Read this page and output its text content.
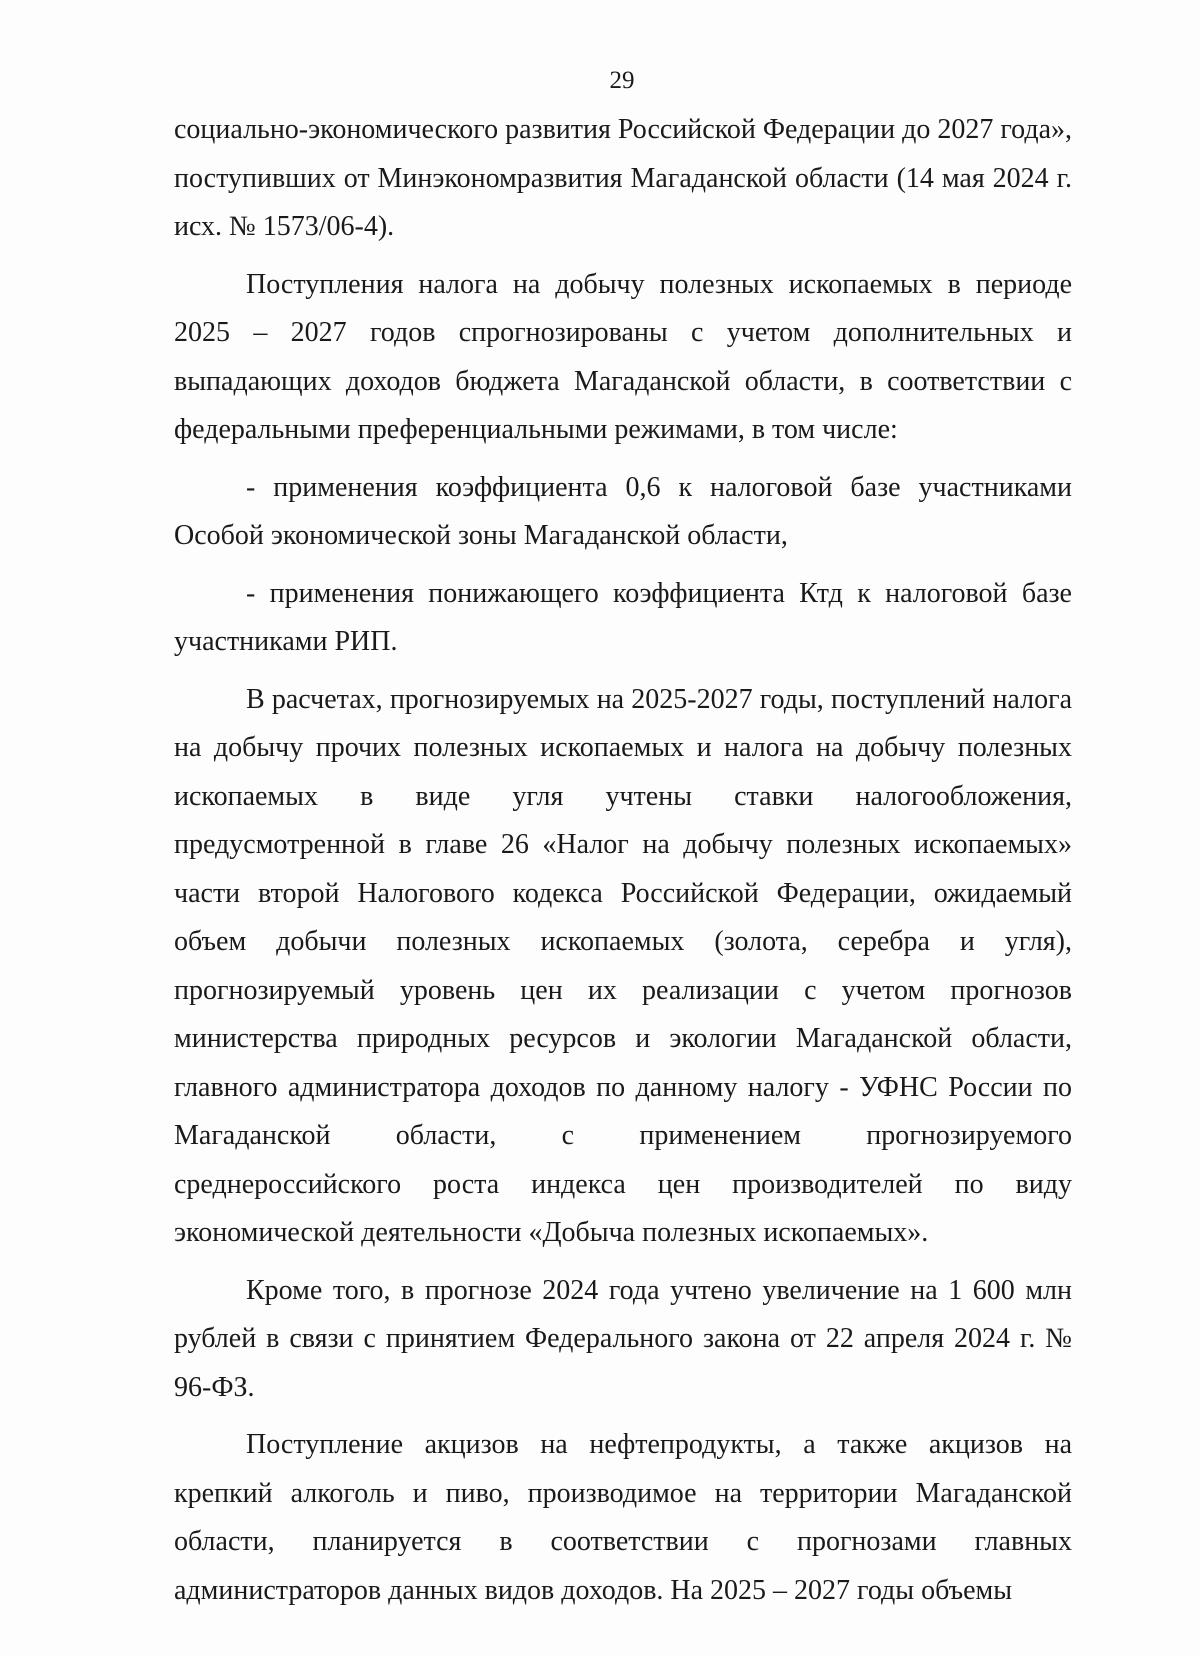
29

социально-экономического развития Российской Федерации до 2027 года», поступивших от Минэкономразвития Магаданской области (14 мая 2024 г. исх. № 1573/06-4).

Поступления налога на добычу полезных ископаемых в периоде 2025 – 2027 годов спрогнозированы с учетом дополнительных и выпадающих доходов бюджета Магаданской области, в соответствии с федеральными преференциальными режимами, в том числе:

- применения коэффициента 0,6 к налоговой базе участниками Особой экономической зоны Магаданской области,

- применения понижающего коэффициента Ктд к налоговой базе участниками РИП.

В расчетах, прогнозируемых на 2025-2027 годы, поступлений налога на добычу прочих полезных ископаемых и налога на добычу полезных ископаемых в виде угля учтены ставки налогообложения, предусмотренной в главе 26 «Налог на добычу полезных ископаемых» части второй Налогового кодекса Российской Федерации, ожидаемый объем добычи полезных ископаемых (золота, серебра и угля), прогнозируемый уровень цен их реализации с учетом прогнозов министерства природных ресурсов и экологии Магаданской области, главного администратора доходов по данному налогу - УФНС России по Магаданской области, с применением прогнозируемого среднероссийского роста индекса цен производителей по виду экономической деятельности «Добыча полезных ископаемых».

Кроме того, в прогнозе 2024 года учтено увеличение на 1 600 млн рублей в связи с принятием Федерального закона от 22 апреля 2024 г. № 96-ФЗ.

Поступление акцизов на нефтепродукты, а также акцизов на крепкий алкоголь и пиво, производимое на территории Магаданской области, планируется в соответствии с прогнозами главных администраторов данных видов доходов. На 2025 – 2027 годы объемы
